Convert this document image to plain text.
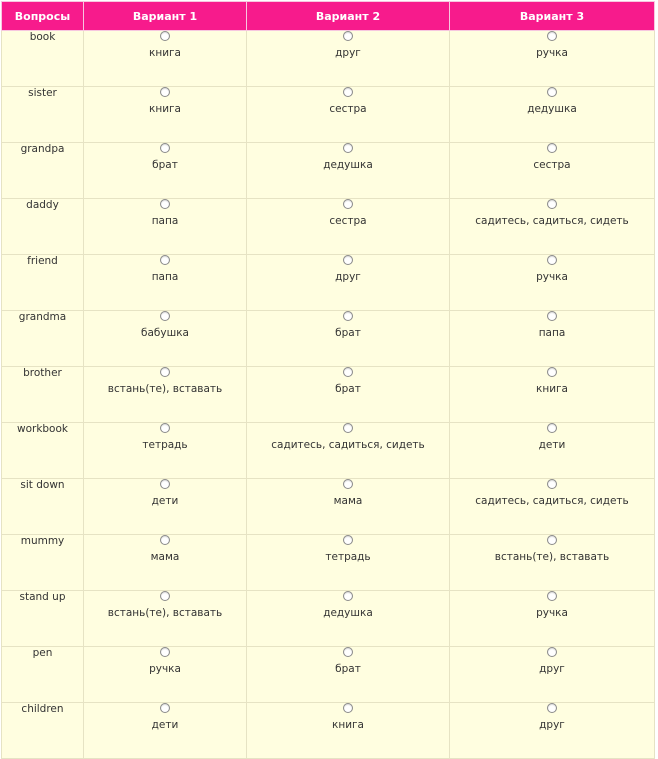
Вопросы	Вариант 1	Вариант 2	Вариант 3
book	книга	друг	ручка

sister	книга	сестра	дедушка

grandpa	брат	дедушка	сестра

daddy	папа	сестра	садитесь, садиться, сидеть

friend	папа	друг	ручка

grandma	бабушка	брат	папа

brother	встань(те), вставать	брат	книга

workbook	тетрадь	садитесь, садиться, сидеть	дети

sit down	дети	мама	садитесь, садиться, сидеть

mummy	мама	тетрадь	встань(те), вставать

stand up	встань(те), вставать	дедушка	ручка

pen	ручка	брат	друг

children	дети	книга	друг
